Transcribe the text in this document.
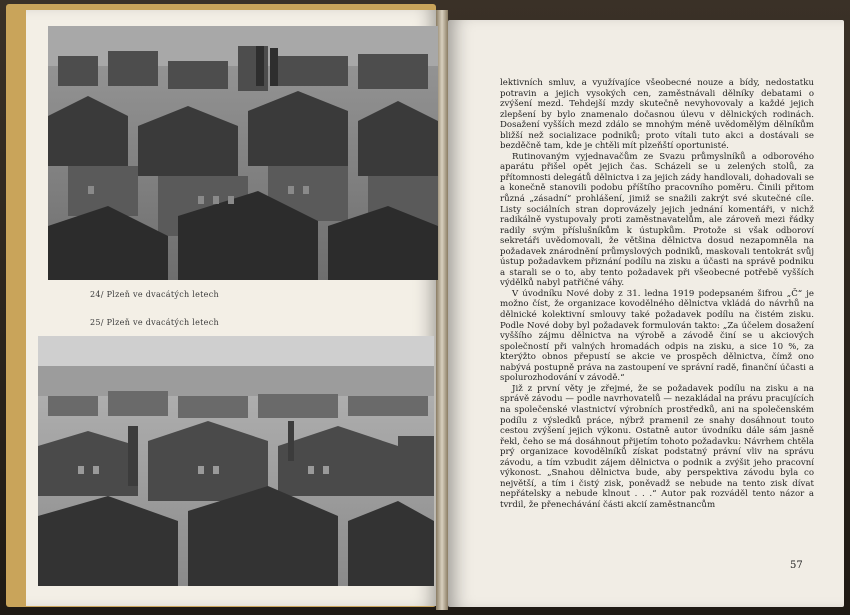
24/ Plzeň ve dvacátých letech
25/ Plzeň ve dvacátých letech

lektivních smluv, a využívajíce všeobecné nouze a bídy, nedostatku potravin a jejich vysokých cen, zaměstnávali dělníky debatami o zvýšení mezd. Tehdejší mzdy skutečně nevyhovovaly a každé jejich zlepšení by bylo znamenalo dočasnou úlevu v dělnických rodinách. Dosažení vyšších mezd zdálo se mnohým méně uvědomělým dělníkům bližší než socializace podniků; proto vítali tuto akci a dostávali se bezděčně tam, kde je chtěli mít plzeňští oportunisté.

Rutinovaným vyjednavačům ze Svazu průmyslníků a odborového aparátu přišel opět jejich čas. Scházeli se u zelených stolů, za přítomnosti delegátů dělnictva i za jejich zády handlovali, dohadovali se a konečně stanovili podobu příštího pracovního poměru. Činili přitom různá „zásadní“ prohlášení, jimiž se snažili zakrýt své skutečné cíle. Listy sociálních stran doprovázely jejich jednání komentáři, v nichž radikálně vystupovaly proti zaměstnavatelům, ale zároveň mezi řádky radily svým příslušníkům k ústupkům. Protože si však odboroví sekretáři uvědomovali, že většina dělnictva dosud nezapomněla na požadavek znárodnění průmyslových podniků, maskovali tentokrát svůj ústup požadavkem přiznání podílu na zisku a účasti na správě podniku a starali se o to, aby tento požadavek při všeobecné potřebě vyšších výdělků nabyl patřičné váhy.

V úvodníku Nové doby z 31. ledna 1919 podepsaném šifrou „Č“ je možno číst, že organizace kovodělného dělnictva vkládá do návrhů na dělnické kolektivní smlouvy také požadavek podílu na čistém zisku. Podle Nové doby byl požadavek formulován takto: „Za účelem dosažení vyššího zájmu dělnictva na výrobě a závodě činí se u akciových společností při valných hromadách odpis na zisku, a sice 10 %, za kterýžto obnos přepustí se akcie ve prospěch dělnictva, čímž ono nabývá postupně práva na zastoupení ve správní radě, finanční účasti a spolurozhodování v závodě.“

Již z první věty je zřejmé, že se požadavek podílu na zisku a na správě závodu — podle navrhovatelů — nezakládal na právu pracujících na společenské vlastnictví výrobních prostředků, ani na společenském podílu z výsledků práce, nýbrž pramenil ze snahy dosáhnout touto cestou zvýšení jejich výkonu. Ostatně autor úvodníku dále sám jasně řekl, čeho se má dosáhnout přijetím tohoto požadavku: Návrhem chtěla prý organizace kovodělníků získat podstatný právní vliv na správu závodu, a tím vzbudit zájem dělnictva o podnik a zvýšit jeho pracovní výkonost. „Snahou dělnictva bude, aby perspektiva závodu byla co největší, a tím i čistý zisk, poněvadž se nebude na tento zisk dívat nepřátelsky a nebude klnout . . .“ Autor pak rozváděl tento názor a tvrdil, že přenechávání části akcií zaměstnancům

57
